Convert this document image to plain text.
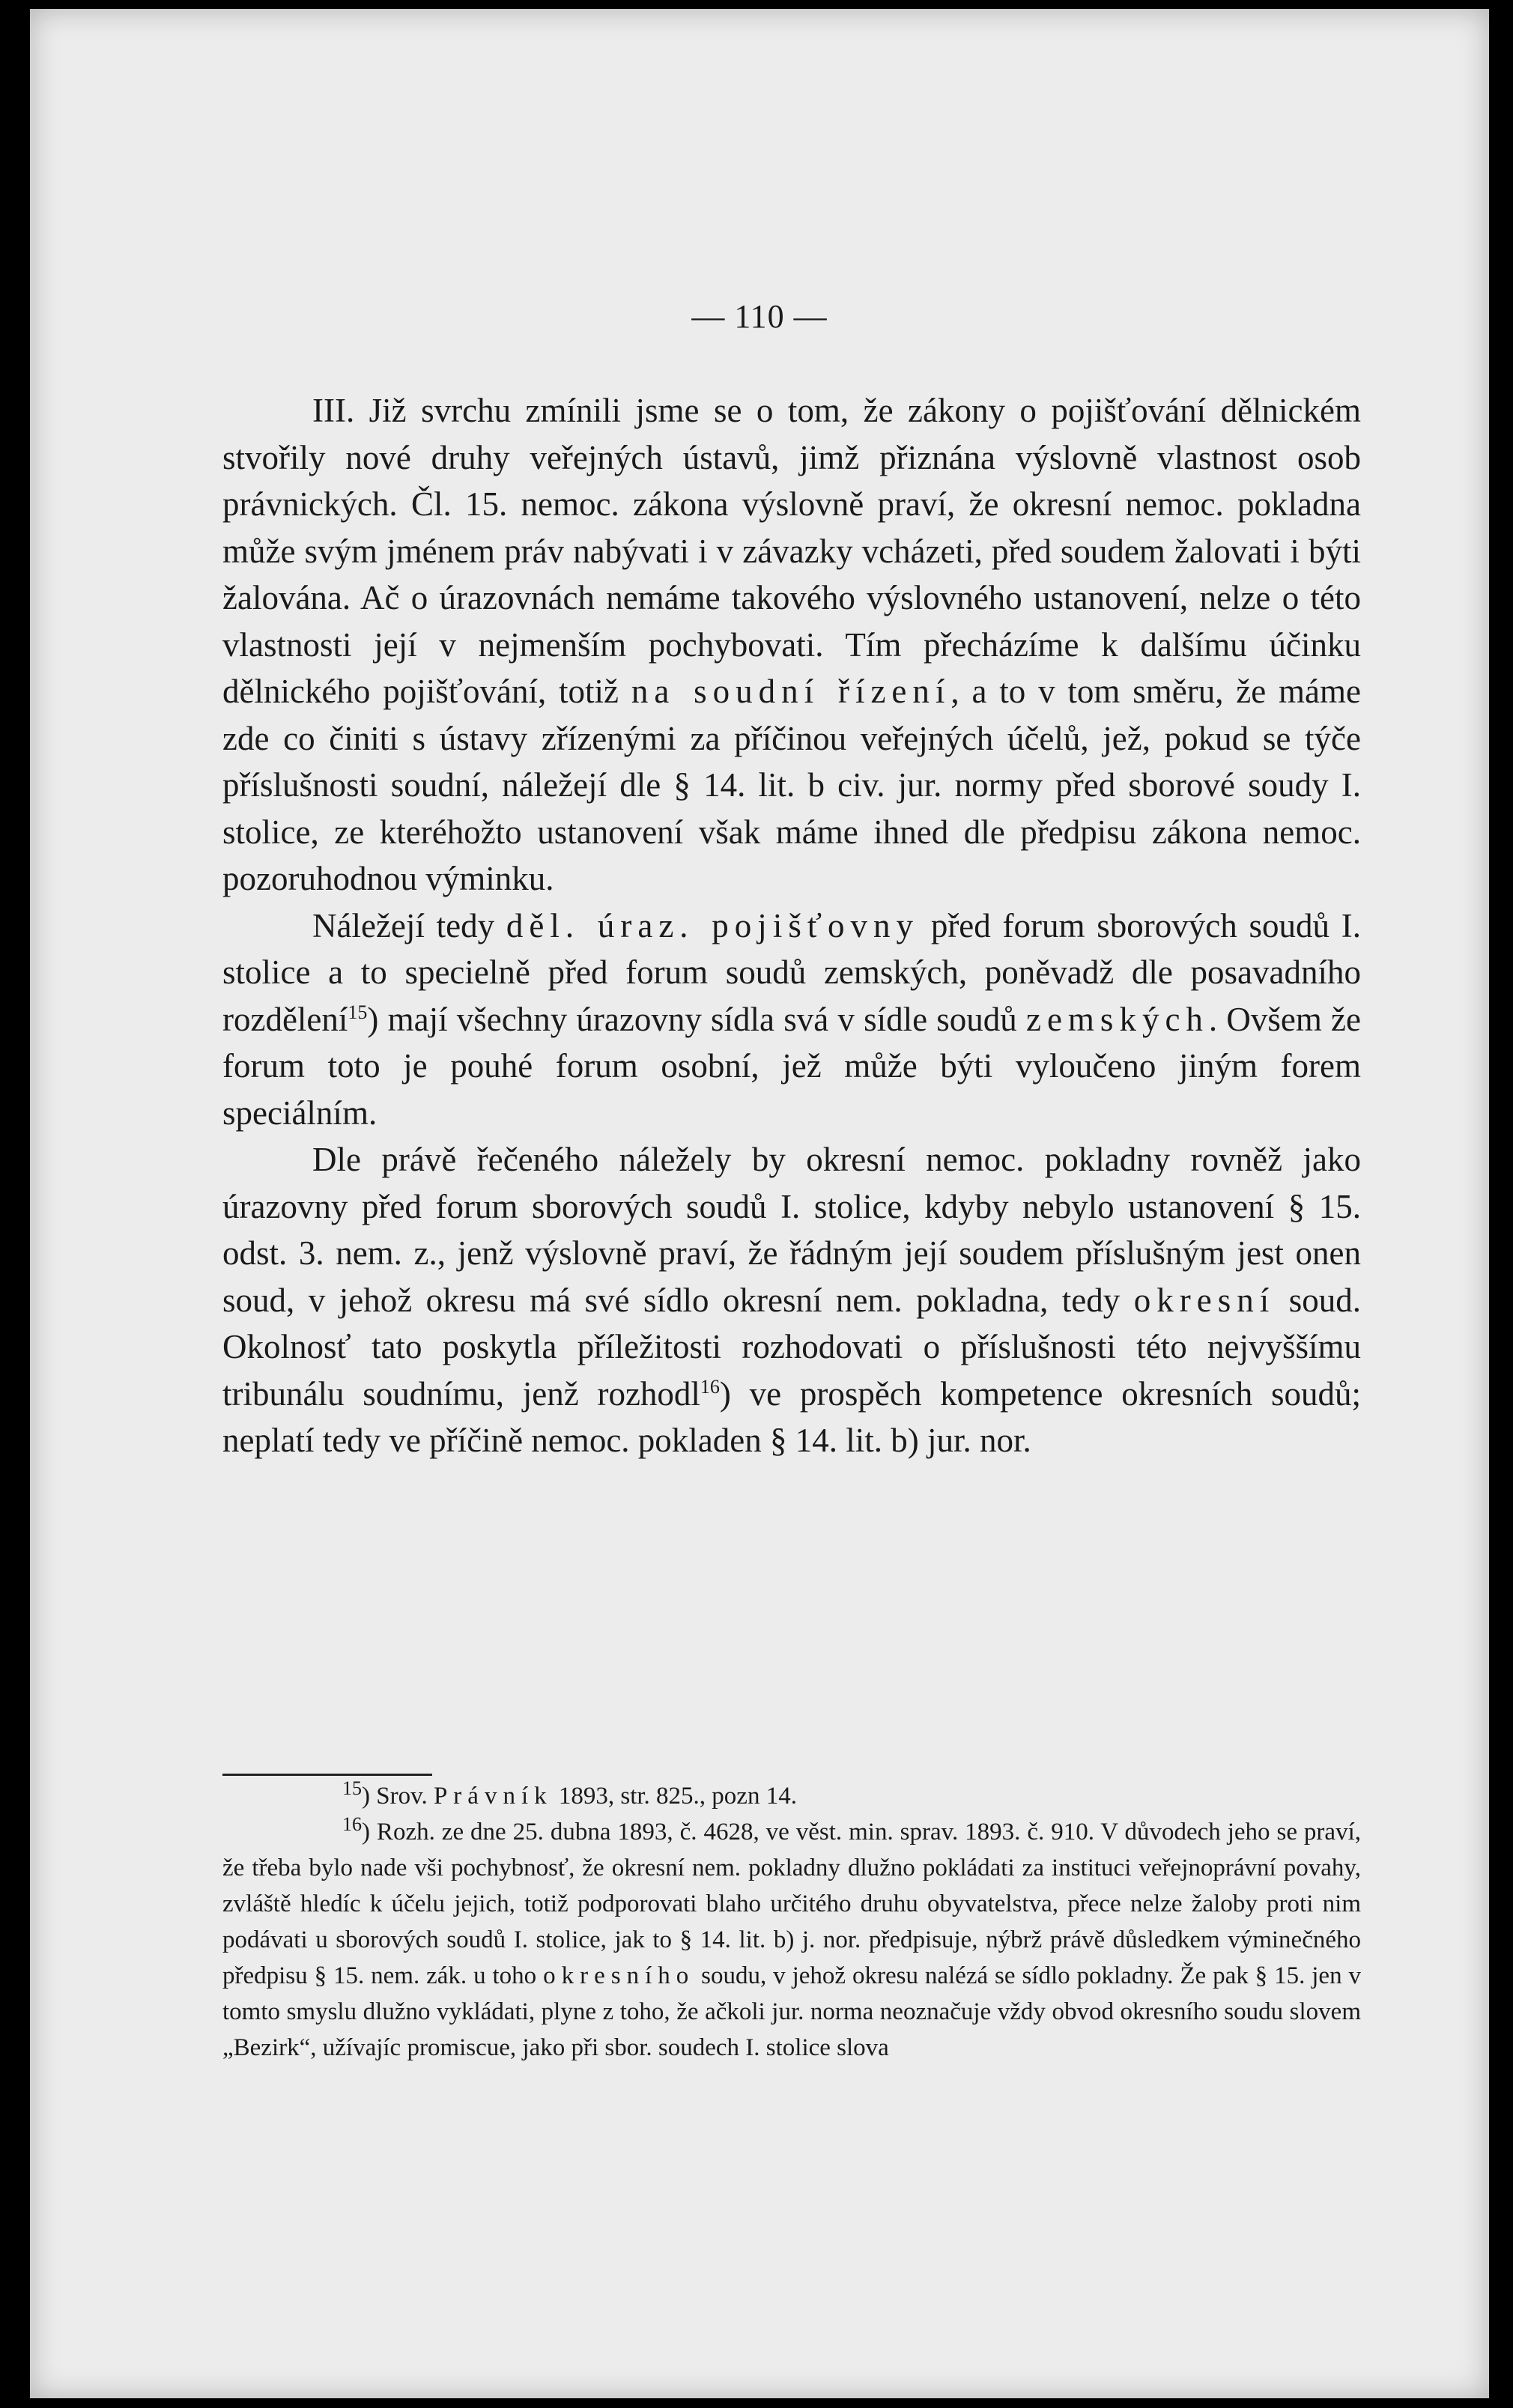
— 110 —

III. Již svrchu zmínili jsme se o tom, že zákony o pojišťování dělnickém stvořily nové druhy veřejných ústavů, jimž přiznána výslovně vlastnost osob právnických. Čl. 15. nemoc. zákona výslovně praví, že okresní nemoc. pokladna může svým jménem práv nabývati i v závazky vcházeti, před soudem žalovati i býti žalována. Ač o úrazovnách nemáme takového výslovného ustanovení, nelze o této vlastnosti její v nejmenším pochybovati. Tím přecházíme k dalšímu účinku dělnického pojišťování, totiž na soudní řízení, a to v tom směru, že máme zde co činiti s ústavy zřízenými za příčinou veřejných účelů, jež, pokud se týče příslušnosti soudní, náležejí dle § 14. lit. b civ. jur. normy před sborové soudy I. stolice, ze kteréhožto ustanovení však máme ihned dle předpisu zákona nemoc. pozoruhodnou výminku.

Náležejí tedy děl. úraz. pojišťovny před forum sborových soudů I. stolice a to specielně před forum soudů zemských, poněvadž dle posavadního rozdělení$^{15}$) mají všechny úrazovny sídla svá v sídle soudů zemských. Ovšem že forum toto je pouhé forum osobní, jež může býti vyloučeno jiným forem speciálním.

Dle právě řečeného náležely by okresní nemoc. pokladny rovněž jako úrazovny před forum sborových soudů I. stolice, kdyby nebylo ustanovení § 15. odst. 3. nem. z., jenž výslovně praví, že řádným její soudem příslušným jest onen soud, v jehož okresu má své sídlo okresní nem. pokladna, tedy okresní soud. Okolnosť tato poskytla příležitosti rozhodovati o příslušnosti této nejvyššímu tribunálu soudnímu, jenž rozhodl$^{16}$) ve prospěch kompetence okresních soudů; neplatí tedy ve příčině nemoc. pokladen § 14. lit. b) jur. nor.

$^{15}$) Srov. Právník 1893, str. 825., pozn 14.

$^{16}$) Rozh. ze dne 25. dubna 1893, č. 4628, ve věst. min. sprav. 1893. č. 910. V důvodech jeho se praví, že třeba bylo nade vši pochybnosť, že okresní nem. pokladny dlužno pokládati za instituci veřejnoprávní povahy, zvláště hledíc k účelu jejich, totiž podporovati blaho určitého druhu obyvatelstva, přece nelze žaloby proti nim podávati u sborových soudů I. stolice, jak to § 14. lit. b) j. nor. předpisuje, nýbrž právě důsledkem výminečného předpisu § 15. nem. zák. u toho okresního soudu, v jehož okresu nalézá se sídlo pokladny. Že pak § 15. jen v tomto smyslu dlužno vykládati, plyne z toho, že ačkoli jur. norma neoznačuje vždy obvod okresního soudu slovem „Bezirk“, užívajíc promiscue, jako při sbor. soudech I. stolice slova
